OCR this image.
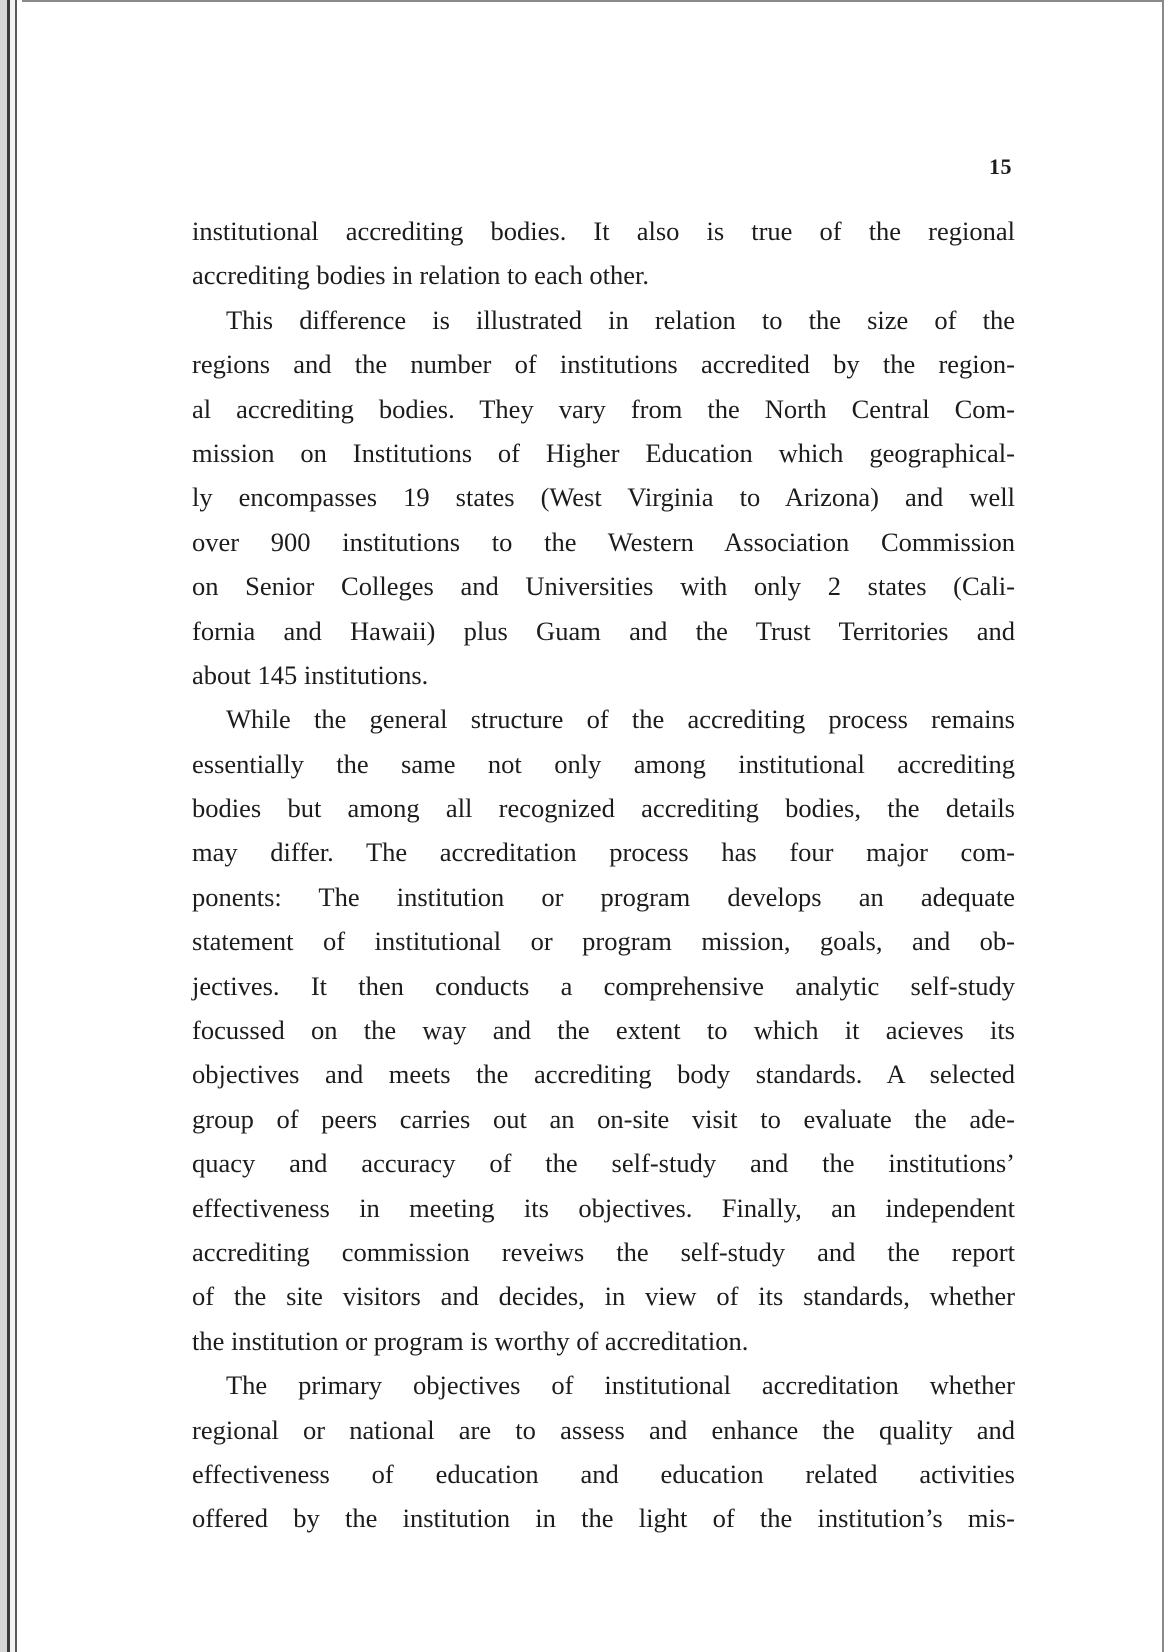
15
institutional accrediting bodies. It also is true of the regional
accrediting bodies in relation to each other.
This difference is illustrated in relation to the size of the
regions and the number of institutions accredited by the region-
al accrediting bodies. They vary from the North Central Com-
mission on Institutions of Higher Education which geographical-
ly encompasses 19 states (West Virginia to Arizona) and well
over 900 institutions to the Western Association Commission
on Senior Colleges and Universities with only 2 states (Cali-
fornia and Hawaii) plus Guam and the Trust Territories and
about 145 institutions.
While the general structure of the accrediting process remains
essentially the same not only among institutional accrediting
bodies but among all recognized accrediting bodies, the details
may differ. The accreditation process has four major com-
ponents: The institution or program develops an adequate
statement of institutional or program mission, goals, and ob-
jectives. It then conducts a comprehensive analytic self-study
focussed on the way and the extent to which it acieves its
objectives and meets the accrediting body standards. A selected
group of peers carries out an on-site visit to evaluate the ade-
quacy and accuracy of the self-study and the institutions’
effectiveness in meeting its objectives. Finally, an independent
accrediting commission reveiws the self-study and the report
of the site visitors and decides, in view of its standards, whether
the institution or program is worthy of accreditation.
The primary objectives of institutional accreditation whether
regional or national are to assess and enhance the quality and
effectiveness of education and education related activities
offered by the institution in the light of the institution’s mis-
